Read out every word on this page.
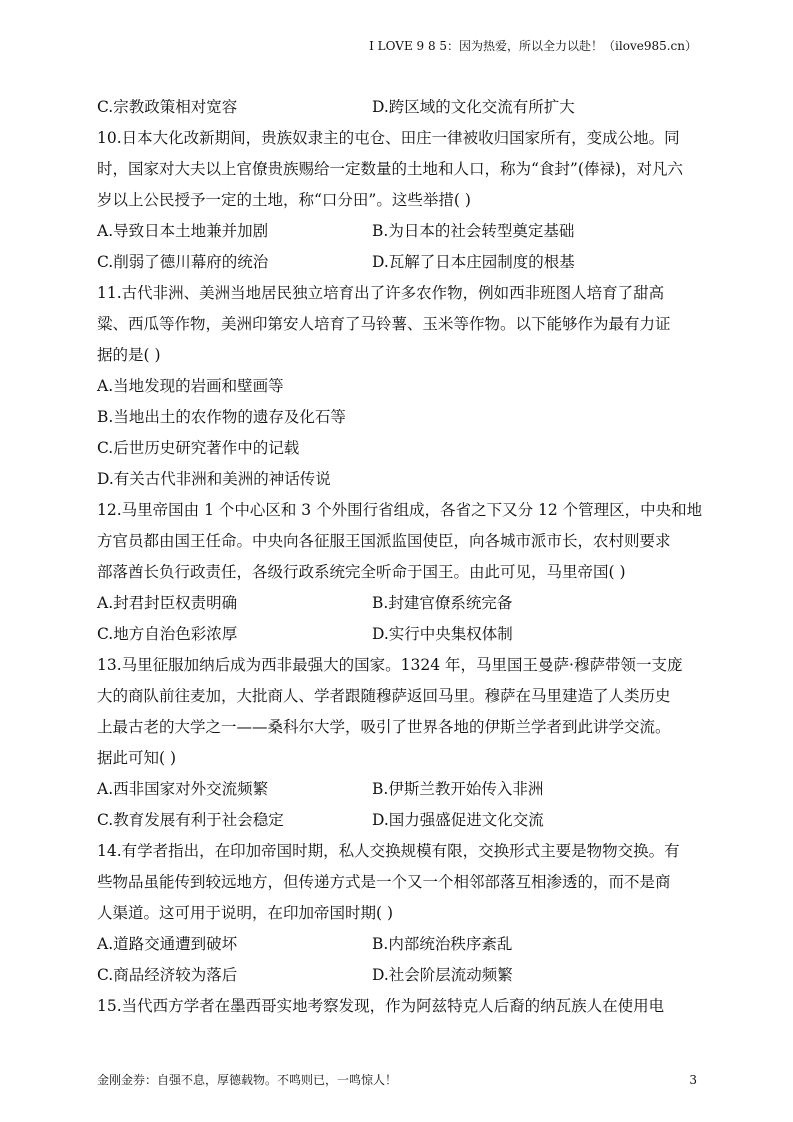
I LOVE 9 8 5：因为热爱，所以全力以赴！（ilove985.cn）
C.宗教政策相对宽容	D.跨区域的文化交流有所扩大
10.日本大化改新期间，贵族奴隶主的屯仓、田庄一律被收归国家所有，变成公地。同
时，国家对大夫以上官僚贵族赐给一定数量的土地和人口，称为“食封”(俸禄)，对凡六
岁以上公民授予一定的土地，称“口分田”。这些举措( )
A.导致日本土地兼并加剧	B.为日本的社会转型奠定基础
C.削弱了德川幕府的统治	D.瓦解了日本庄园制度的根基
11.古代非洲、美洲当地居民独立培育出了许多农作物，例如西非班图人培育了甜高
粱、西瓜等作物，美洲印第安人培育了马铃薯、玉米等作物。以下能够作为最有力证
据的是( )
A.当地发现的岩画和壁画等
B.当地出土的农作物的遗存及化石等
C.后世历史研究著作中的记载
D.有关古代非洲和美洲的神话传说
12.马里帝国由 1 个中心区和 3 个外围行省组成，各省之下又分 12 个管理区，中央和地
方官员都由国王任命。中央向各征服王国派监国使臣，向各城市派市长，农村则要求
部落酋长负行政责任，各级行政系统完全听命于国王。由此可见，马里帝国( )
A.封君封臣权责明确	B.封建官僚系统完备
C.地方自治色彩浓厚	D.实行中央集权体制
13.马里征服加纳后成为西非最强大的国家。1324 年，马里国王曼萨·穆萨带领一支庞
大的商队前往麦加，大批商人、学者跟随穆萨返回马里。穆萨在马里建造了人类历史
上最古老的大学之一——桑科尔大学，吸引了世界各地的伊斯兰学者到此讲学交流。
据此可知( )
A.西非国家对外交流频繁	B.伊斯兰教开始传入非洲
C.教育发展有利于社会稳定	D.国力强盛促进文化交流
14.有学者指出，在印加帝国时期，私人交换规模有限，交换形式主要是物物交换。有
些物品虽能传到较远地方，但传递方式是一个又一个相邻部落互相渗透的，而不是商
人渠道。这可用于说明，在印加帝国时期( )
A.道路交通遭到破坏	B.内部统治秩序紊乱
C.商品经济较为落后	D.社会阶层流动频繁
15.当代西方学者在墨西哥实地考察发现，作为阿兹特克人后裔的纳瓦族人在使用电
金刚金券：自强不息，厚德载物。不鸣则已，一鸣惊人！	3
